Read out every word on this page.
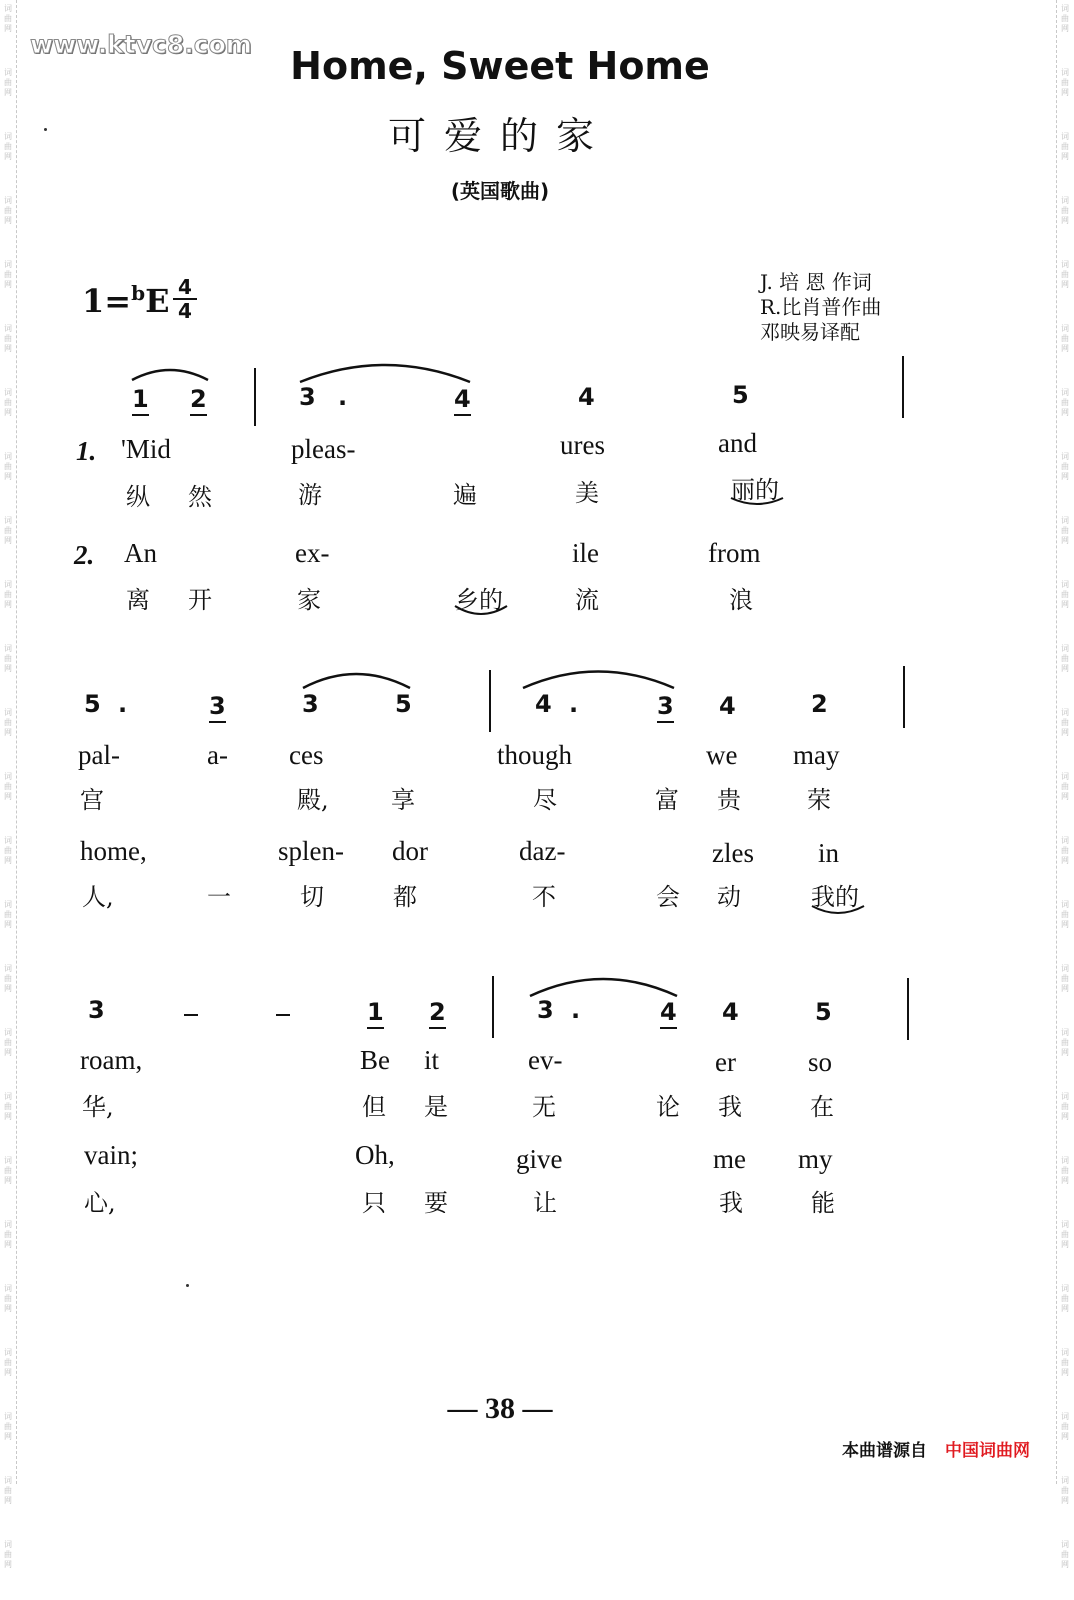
词
曲
网
词
曲
网
词
曲
网
词
曲
网
词
曲
网
词
曲
网
词
曲
网
词
曲
网
词
曲
网
词
曲
网
词
曲
网
词
曲
网
词
曲
网
词
曲
网
词
曲
网
词
曲
网
词
曲
网
词
曲
网
词
曲
网
词
曲
网
词
曲
网
词
曲
网
词
曲
网
词
曲
网
词
曲
网
词
曲
网
词
曲
网
词
曲
网
词
曲
网
词
曲
网
词
曲
网
词
曲
网
词
曲
网
词
曲
网
词
曲
网
词
曲
网
词
曲
网
词
曲
网
词
曲
网
词
曲
网
词
曲
网
词
曲
网
词
曲
网
词
曲
网
词
曲
网
词
曲
网
词
曲
网
词
曲
网
词
曲
网
词
曲
网
www.ktvc8.com	Home, Sweet Home
可爱的家
(英国歌曲)
1=$^b$E 4
4
J. 培 恩 作词
R.比肖普作曲
邓映易译配
1 2	3 .	4	4	5
1. 'Mid	pleas-	ures	and
纵 然	游	遍	美	丽的
2. An	ex-	ile	from
离 开	家	乡的	流	浪
5 .	3	3	5	4 .	3 4	2
pal-	a- ces	though	we may
宫	殿,	享	尽	富 贵	荣
home,	splen- dor	daz-	zles in
人,	一	切	都	不	会 动	我的
3	1 2	3 .	4 4	5
roam,	Be it	ev-	er	so
华,	但 是	无	论 我	在
vain;	Oh,	give	me my
心,	只 要	让	我	能
— 38 —
本曲谱源自 中国词曲网
